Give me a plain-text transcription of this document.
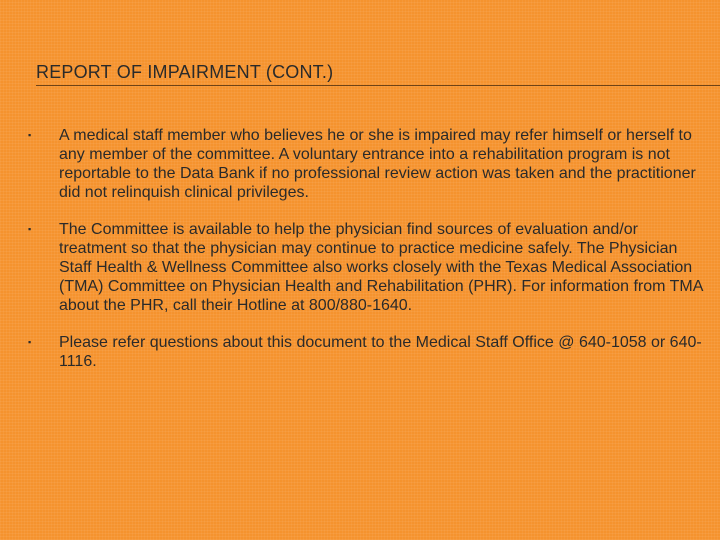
REPORT OF IMPAIRMENT (CONT.)
▪ A medical staff member who believes he or she is impaired may refer himself or herself to any member of the committee. A voluntary entrance into a rehabilitation program is not reportable to the Data Bank if no professional review action was taken and the practitioner did not relinquish clinical privileges.
▪ The Committee is available to help the physician find sources of evaluation and/or treatment so that the physician may continue to practice medicine safely. The Physician Staff Health & Wellness Committee also works closely with the Texas Medical Association (TMA) Committee on Physician Health and Rehabilitation (PHR). For information from TMA about the PHR, call their Hotline at 800/880-1640.
▪ Please refer questions about this document to the Medical Staff Office @ 640-1058 or 640-1116.
